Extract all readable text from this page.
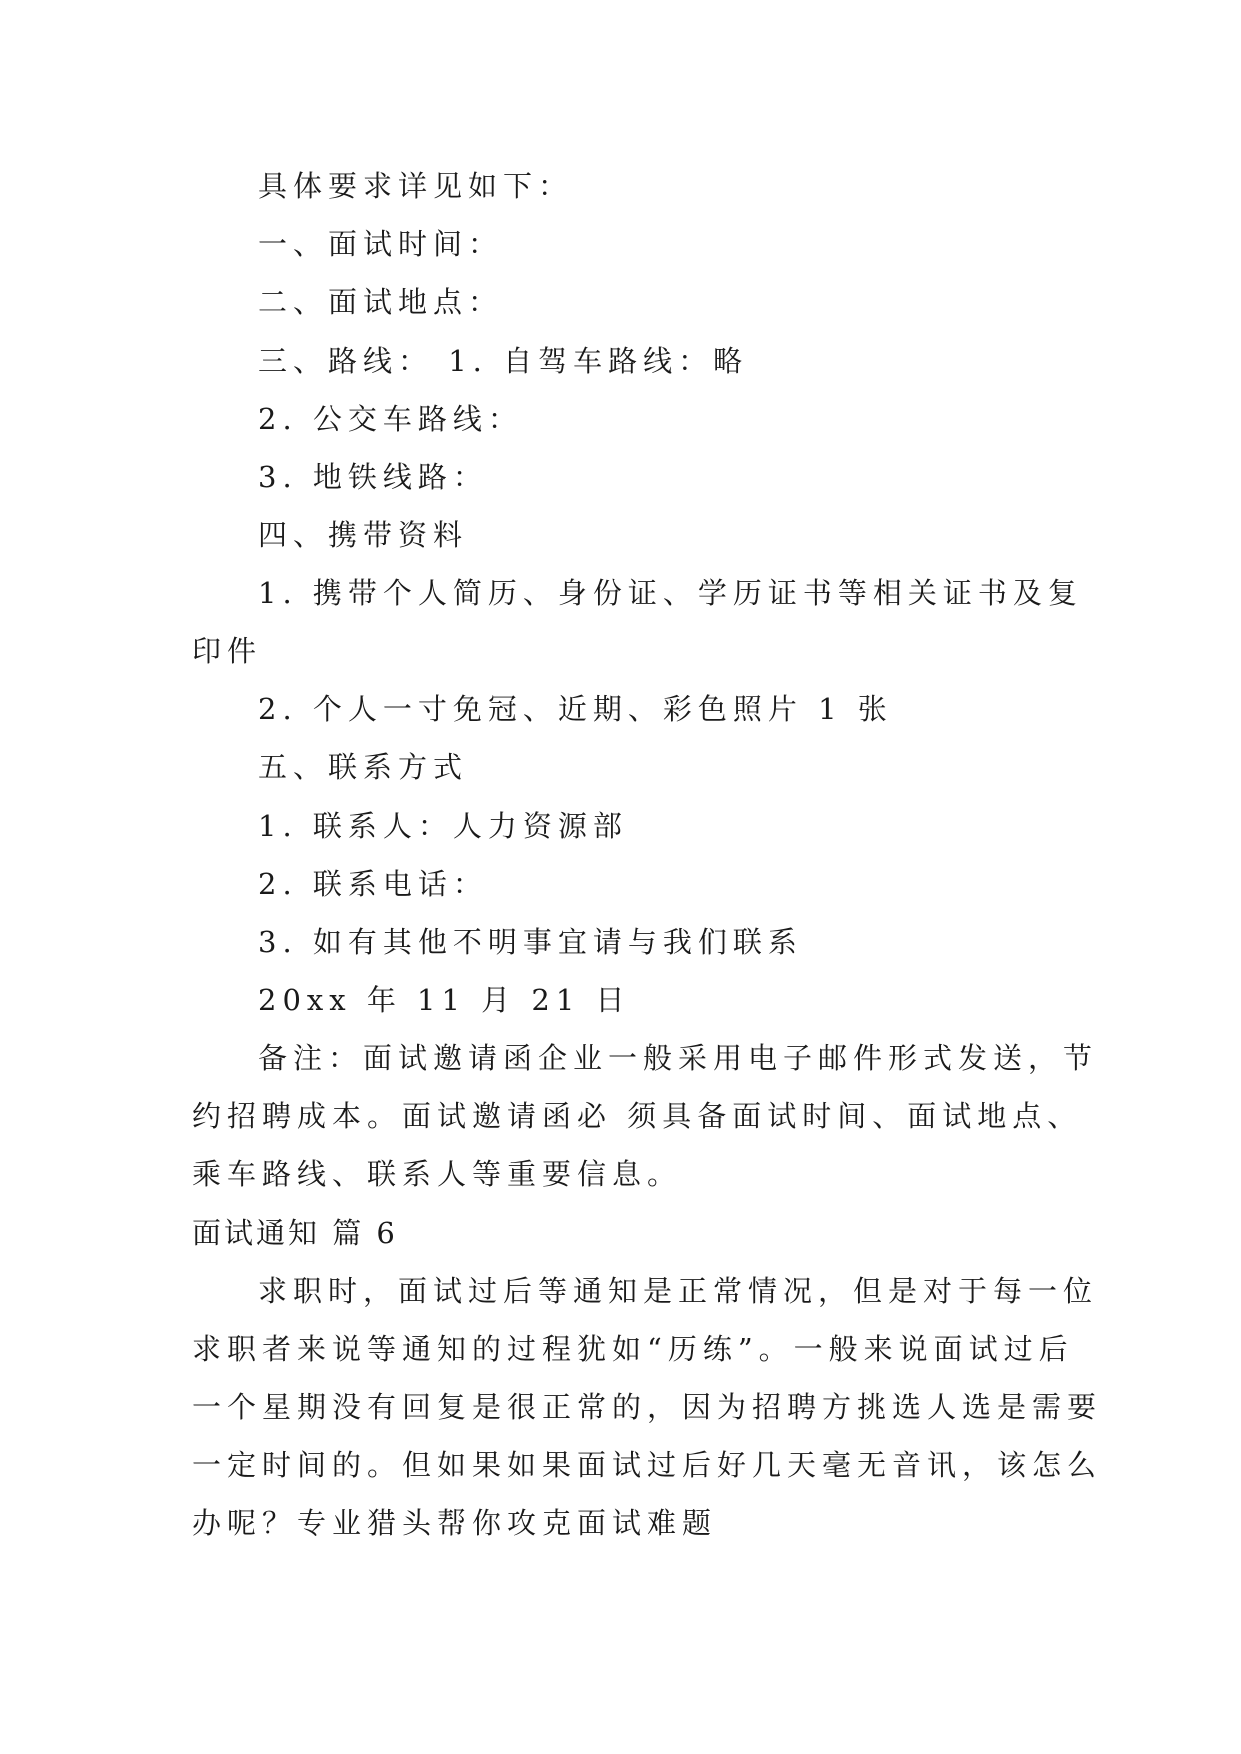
具体要求详见如下：
一、面试时间：
二、面试地点：
三、路线： 1. 自驾车路线：略
2. 公交车路线：
3. 地铁线路：
四、携带资料
1. 携带个人简历、身份证、学历证书等相关证书及复
印件
2. 个人一寸免冠、近期、彩色照片 1 张
五、联系方式
1. 联系人：人力资源部
2. 联系电话：
3. 如有其他不明事宜请与我们联系
20xx 年 11 月 21 日
备注：面试邀请函企业一般采用电子邮件形式发送，节
约招聘成本。面试邀请函必 须具备面试时间、面试地点、
乘车路线、联系人等重要信息。
面试通知 篇 6
求职时，面试过后等通知是正常情况，但是对于每一位
求职者来说等通知的过程犹如“历练”。一般来说面试过后
一个星期没有回复是很正常的，因为招聘方挑选人选是需要
一定时间的。但如果如果面试过后好几天毫无音讯，该怎么
办呢？专业猎头帮你攻克面试难题
